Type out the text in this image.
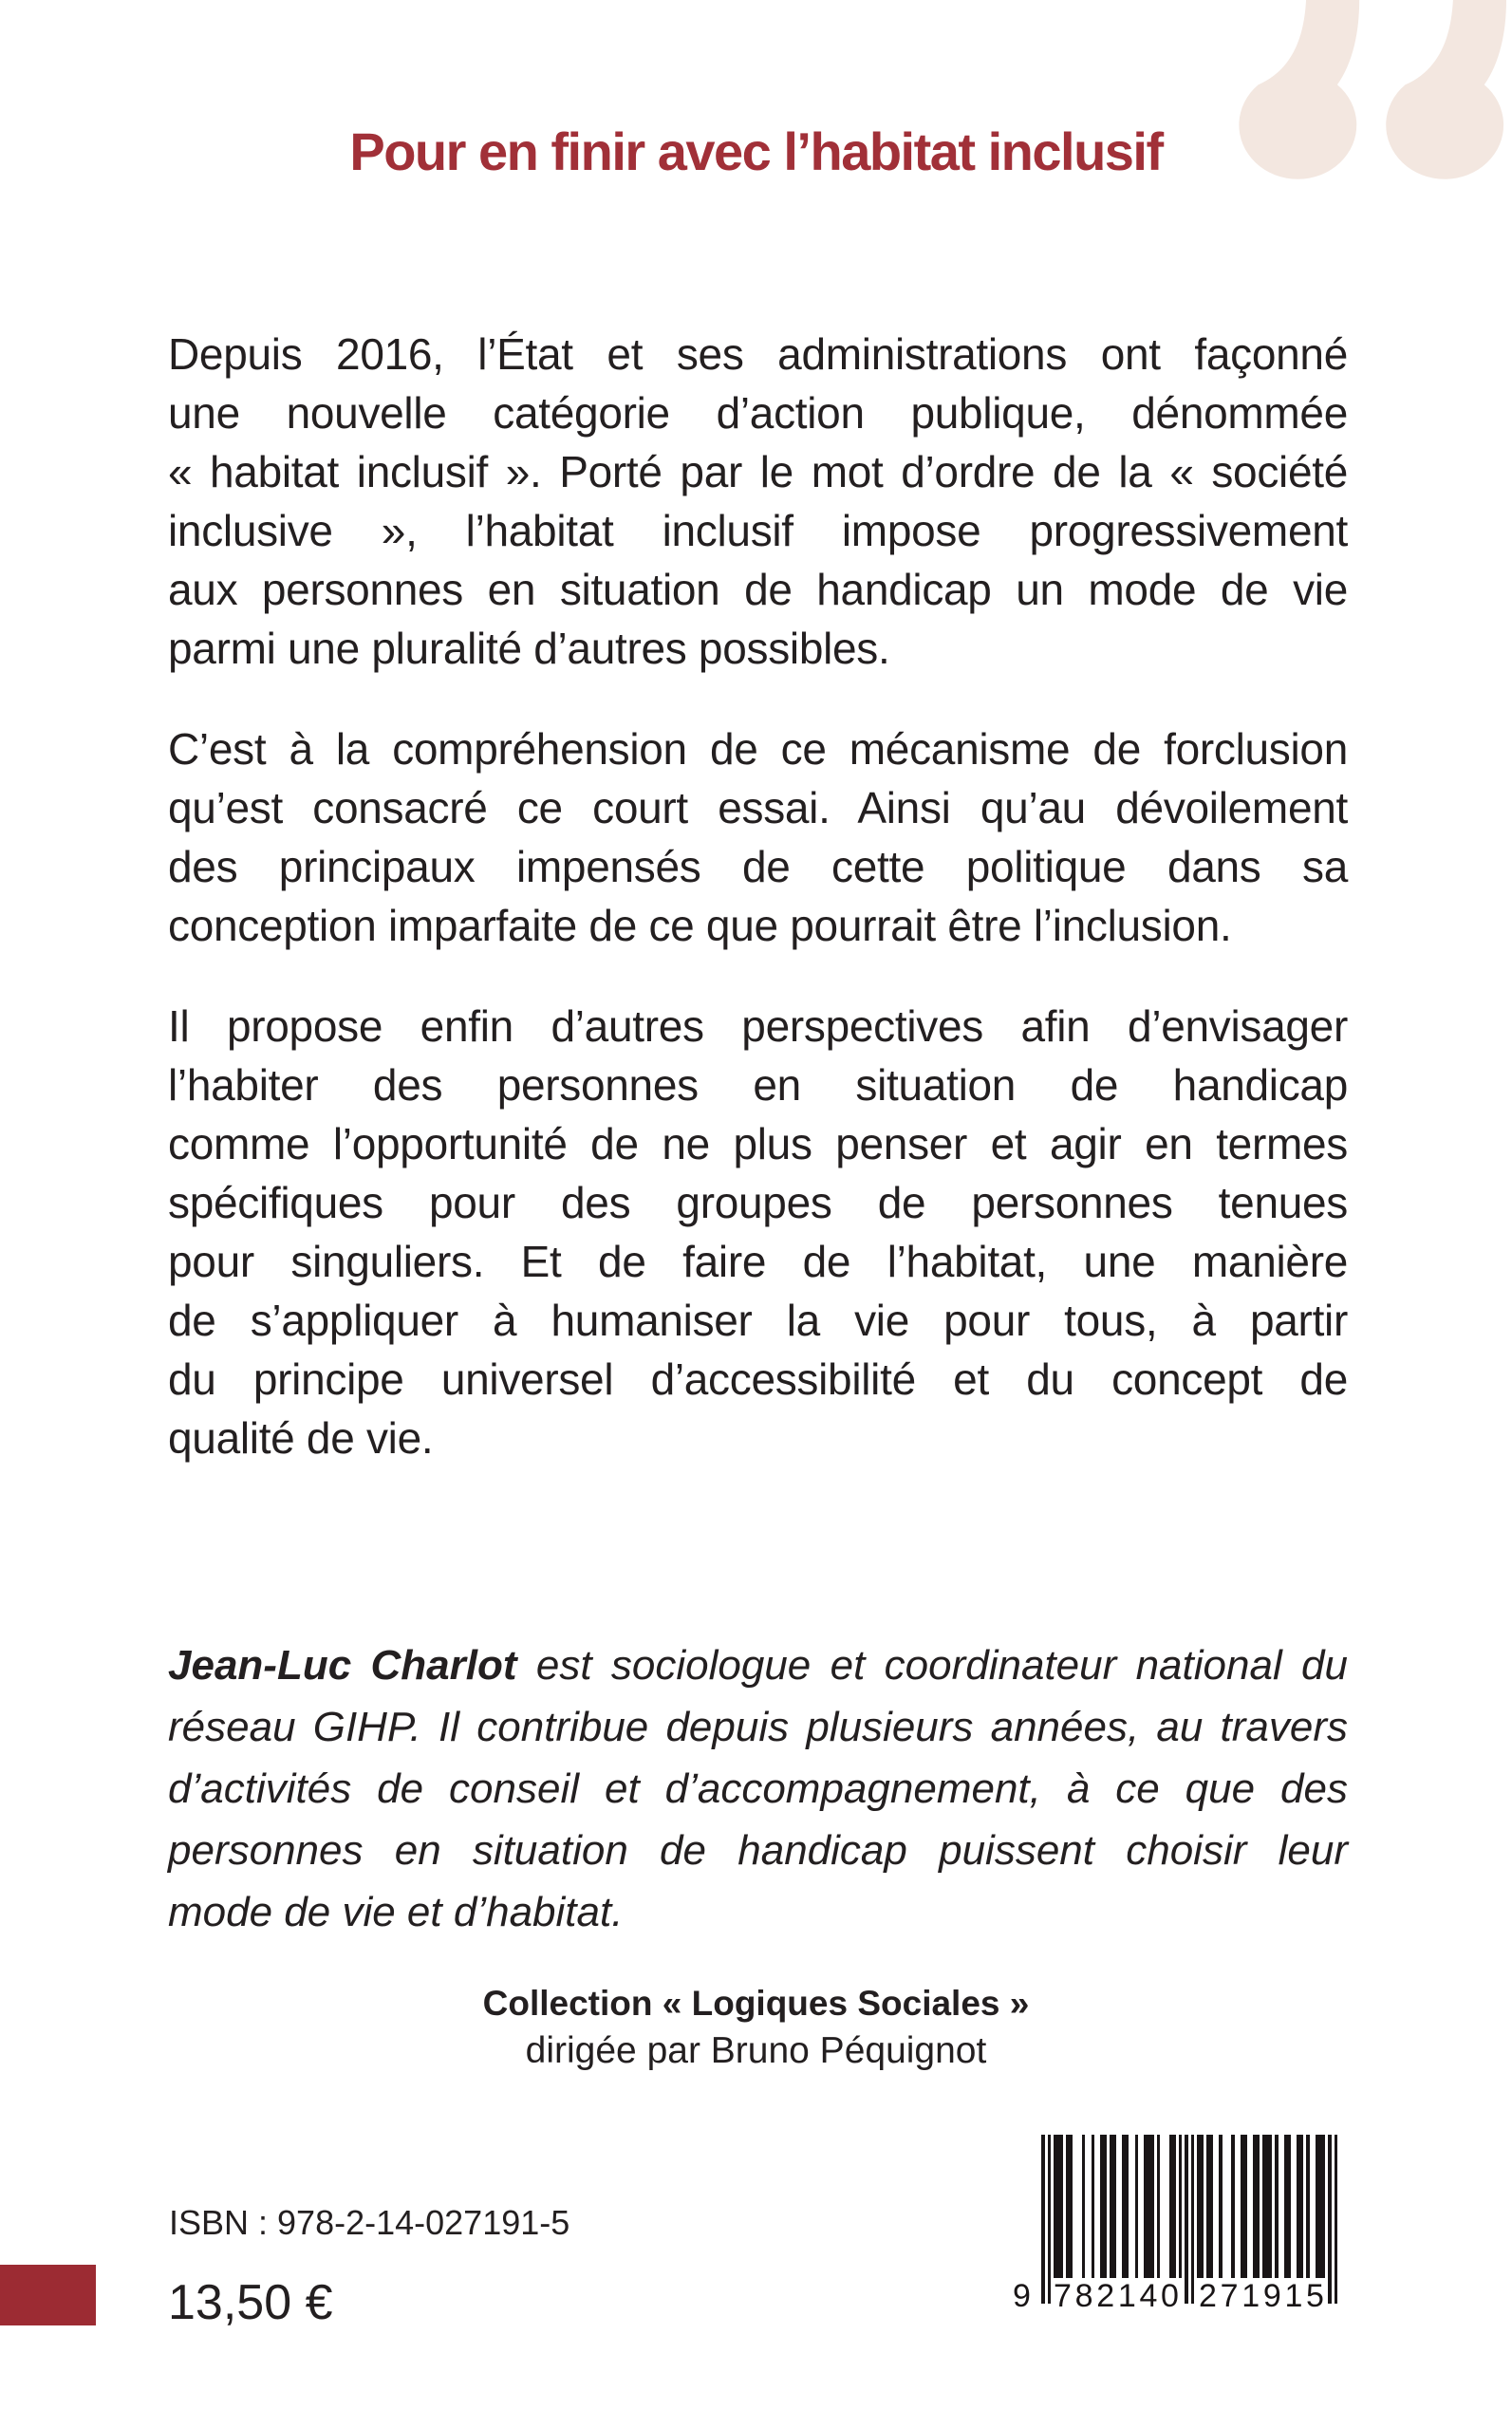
Pour en finir avec l’habitat inclusif
Depuis 2016, l’État et ses administrations ont façonné
une nouvelle catégorie d’action publique, dénommée
« habitat inclusif ». Porté par le mot d’ordre de la « société
inclusive », l’habitat inclusif impose progressivement
aux personnes en situation de handicap un mode de vie
parmi une pluralité d’autres possibles.
C’est à la compréhension de ce mécanisme de forclusion
qu’est consacré ce court essai. Ainsi qu’au dévoilement
des principaux impensés de cette politique dans sa
conception imparfaite de ce que pourrait être l’inclusion.
Il propose enfin d’autres perspectives afin d’envisager
l’habiter des personnes en situation de handicap
comme l’opportunité de ne plus penser et agir en termes
spécifiques pour des groupes de personnes tenues
pour singuliers. Et de faire de l’habitat, une manière
de s’appliquer à humaniser la vie pour tous, à partir
du principe universel d’accessibilité et du concept de
qualité de vie.
Jean-Luc Charlot est sociologue et coordinateur national du
réseau GIHP. Il contribue depuis plusieurs années, au travers
d’activités de conseil et d’accompagnement, à ce que des
personnes en situation de handicap puissent choisir leur
mode de vie et d’habitat.
Collection « Logiques Sociales »
dirigée par Bruno Péquignot
ISBN : 978-2-14-027191-5
13,50 €	9 7 8 2 1 4 0 2 7 1 9 1 5
